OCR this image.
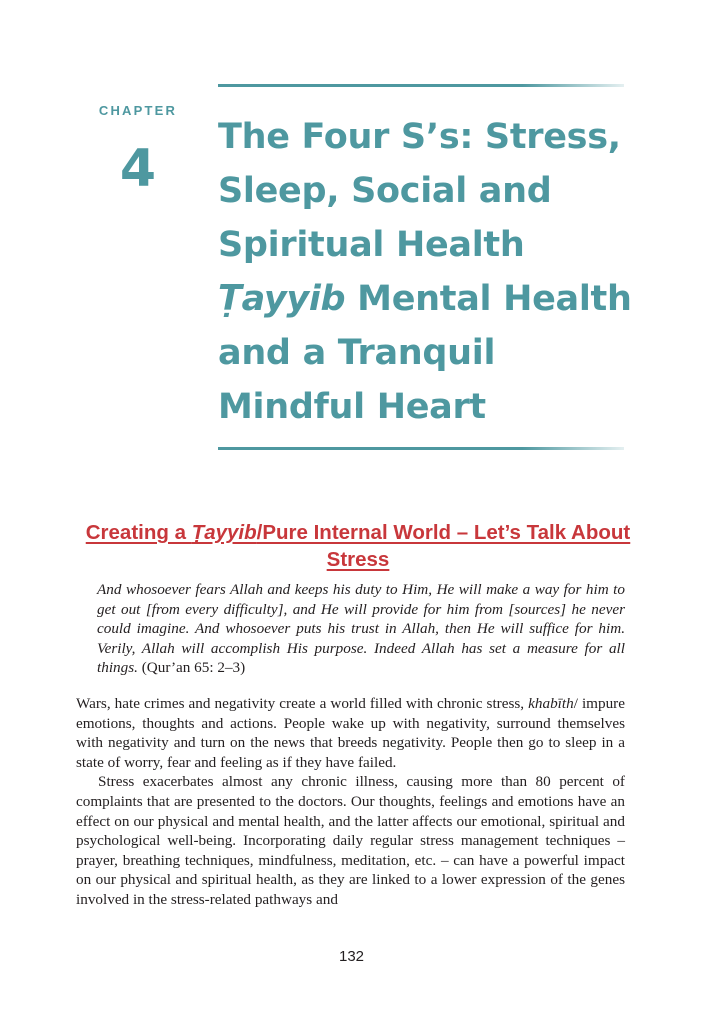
CHAPTER
4
The Four S’s: Stress,
Sleep, Social and
Spiritual Health
Ṭayyib Mental Health
and a Tranquil
Mindful Heart
Creating a Ṭayyib/Pure Internal World – Let’s Talk About Stress
And whosoever fears Allah and keeps his duty to Him, He will make a way for him to get out [from every difficulty], and He will provide for him from [sources] he never could imagine. And whosoever puts his trust in Allah, then He will suffice for him. Verily, Allah will accomplish His purpose. Indeed Allah has set a measure for all things. (Qur’an 65: 2–3)

Wars, hate crimes and negativity create a world filled with chronic stress, khabīth/ impure emotions, thoughts and actions. People wake up with negativity, surround themselves with negativity and turn on the news that breeds negativity. People then go to sleep in a state of worry, fear and feeling as if they have failed.

Stress exacerbates almost any chronic illness, causing more than 80 percent of complaints that are presented to the doctors. Our thoughts, feelings and emotions have an effect on our physical and mental health, and the latter affects our emotional, spiritual and psychological well-being. Incorporating daily regular stress management techniques – prayer, breathing techniques, mindfulness, meditation, etc. – can have a powerful impact on our physical and spiritual health, as they are linked to a lower expression of the genes involved in the stress-related pathways and

132
